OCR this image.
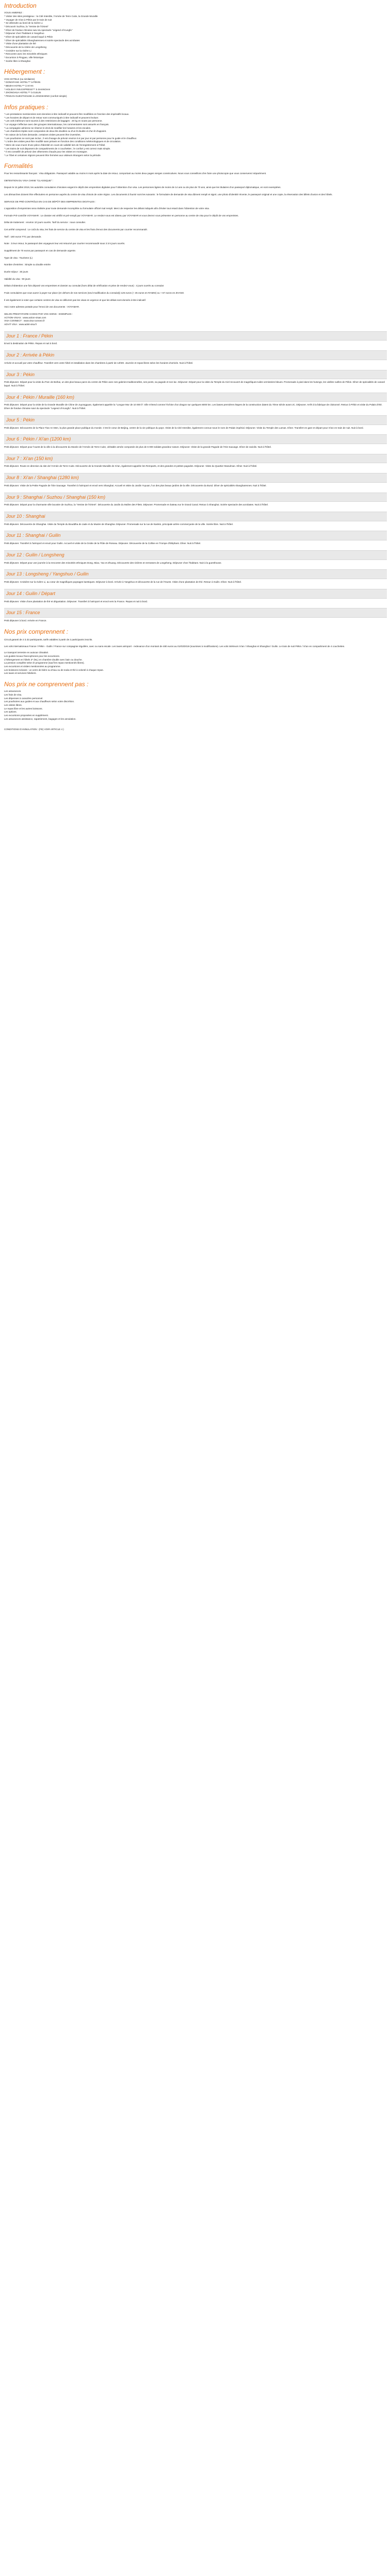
Introduction

VOUS AIMEREZ :

* Visiter des sites prestigieux : la Cité Interdite, l'Armée de Terre Cuite, la Grande Muraille

* Voyager de Xi'an à Pékin par le train de nuit

* Se détendre au bord de la rivière Li

* Découvrir Suzhou, la "Venise de l'Orient"

* Dîner de fondue chinoise suivi du spectacle "Légend of Kungfu"

* Déjeuner chez l'habitant à Yangshuo

* Dîner de spécialités de canard laqué à Pékin

* Dîner de spécialités Shanghaïennes et soirée spectacle des acrobates

* Visite d'une plantation de thé

* Découverte de la rizière de Longsheng

* Croisière sur la rivière Li

* Rencontre avec les minorités ethniques

* Excursion à Pingyao, ville historique

* Soirée libre à Shanghai

Hébergement :

VOS HOTELS (ou similaires)

* DONGFANG HOTEL*** à PÉKIN

* BEIZHI HOTEL*** à XI'AN

* HOLIDAY INN EXPRESS*** à SHANGHAI

* ZHONGHUA HOTEL*** à GUILIN

* PINGAN GUESTHOUSE à LONGSHENG (confort simple)

Infos pratiques :

* Les prestations mentionnées sont données à titre indicatif et peuvent être modifiées en fonction des impératifs locaux.

* Les horaires de départ et de retour sont communiqués à titre indicatif et peuvent évoluer.

* Les vols intérieurs sont soumis à des restrictions de bagages : 20 kg en soute par personne.

* Le voyage s'effectue avec des groupes internationaux, les commentaires sont assurés en français.

* La compagnie aérienne se réserve le droit de modifier les horaires et les escales.

* Les chambres triples sont composées de deux lits doubles ou d'un lit double et d'un lit d'appoint.

* En raison de la forte demande, certaines visites peuvent être inversées.

* Les pourboires ne sont pas inclus ; il est d'usage de prévoir environ 5 € par jour et par personne pour le guide et le chauffeur.

* L'ordre des visites peut être modifié sans préavis en fonction des conditions météorologiques et de circulation.

* Merci de vous munir d'une pièce d'identité en cours de validité lors de l'enregistrement à l'hôtel.

* Les trains de nuit disposent de compartiments de 4 couchettes ; le confort y est correct mais simple.

* Il est conseillé de prévoir des vêtements chauds pour les visites en montagne.

* Le Tibet et certaines régions peuvent être fermées aux visiteurs étrangers selon la période.

Formalités

Pour les ressortissants français : Visa obligatoire. Passeport valable au moins 6 mois après la date de retour, comportant au moins deux pages vierges consécutives. Nous vous conseillons d'en faire une photocopie que vous conserverez séparément.

OBTENTION DU VISA CHINE "CLASSIQUE" :

Depuis le 15 juillet 2019, les autorités consulaires chinoises exigent le dépôt des empreintes digitales pour l'obtention d'un visa. Les personnes âgées de moins de 14 ans ou de plus de 70 ans, ainsi que les titulaires d'un passeport diplomatique, en sont exemptées.

Les démarches doivent être effectuées en personne auprès du centre de visa chinois de votre région. Les documents à fournir sont les suivants : le formulaire de demande de visa dûment rempli et signé, une photo d'identité récente, le passeport original et une copie, la réservation des billets d'avion et des hôtels.

SERVICE DE PRÉ-CONTRÔLE EN CAS DE DÉPÔT DES EMPREINTES DIGITALES :

L'apposition d'empreintes sera réalisée pour toute demande incomplète ou formulaire officiel mal rempli. Merci de respecter les délais indiqués afin d'éviter tout retard dans l'obtention de votre visa.

Formule Pré-contrôle VOYAMAR : Le dossier est vérifié et pré-rempli par VOYAMAR. Le rendez-vous est obtenu par VOYAMAR et vous devrez vous présenter en personne au centre de visa pour le dépôt de vos empreintes.

Délai de traitement : environ 10 jours ouvrés. Tarif du service : nous consulter.

Cet arrêté comprend : Le coût du visa, les frais de service du centre de visa et les frais d'envoi des documents par courrier recommandé.

Tarif : 180 euros TTC par demande.

Note : à leur retour, le passeport des voyageurs leur est retourné par courrier recommandé sous 3 à 5 jours ouvrés.

Supplément de 70 euros par passeport en cas de demande urgente.

Type de visa : Tourisme (L)

Nombre d'entrées : Simple ou double entrée

Durée séjour : 30 jours

Validité du visa : 90 jours

Délais d'obtention une fois déposé vos empreintes et dossier au consulat (hors délai de vérification et prise de rendez-vous) : 4 jours ouvrés au consulat

Frais consulaires que vous aurez à payer sur place (en dehors de nos services (seul modification du consulat)) 126 euros (+ 45 euros en RAMSI) ou + 67 euros en ZHANG

Il est également à noter que certains centres de visa ne délivrent pas les visas en urgence et que les délais sont donnés à titre indicatif.

Voici notre adresse postale pour l'envoi de vos documents : VOYAMAR.

SELON PRESTATAIRE CHOISI PAR VOS SOINS - EXEMPLES :

ACTION-VISAS : www.action-visas.com

VISA CONNECT : www.visa-connect.fr

ADVIT VISA : www.advit-visa.fr

Jour 1 : France / Pékin

Envol à destination de Pékin. Repas et nuit à bord.

Jour 2 : Arrivée à Pékin

Arrivée et accueil par votre chauffeur. Transfert vers votre hôtel et installation dans les chambres à partir de 14h00. Journée et repas libres selon les horaires d'arrivée. Nuit à l'hôtel.

Jour 3 : Pékin

Petit déjeuner. Départ pour la visite du Parc de Beihai, un des plus beaux parcs du centre de Pékin avec ses galeries traditionnelles, ses ponts, sa pagode et son lac. Déjeuner. Départ pour la visite du Temple du Ciel recouvert de magnifiques tuiles vernissées bleues. Promenade à pied dans les hutongs, les vieilles ruelles de Pékin. Dîner de spécialités de canard laqué. Nuit à l'hôtel.

Jour 4 : Pékin / Muraille (160 km)

Petit déjeuner. Départ pour la visite de la Grande Muraille de Chine de Juyongguan, également appelée la "Longue Mur de 10 000 li". Elle s'étend comme l'échine d'un dragon sur quelques 6000 km. Les bases premières étapes de la construction datent du 7ème siècle avant JC. Déjeuner. Arrêt à la fabrique de cloisonné. Retour à Pékin et visite du Palais d'été. Dîner de fondue chinoise suivi du spectacle "Legend of Kungfu". Nuit à l'hôtel.

Jour 5 : Pékin

Petit déjeuner. Découverte de la Place Tian An Men, la plus grande place publique du monde. C'est le cœur de Beijing, centre de la vie politique du pays. Visite de la Cité Interdite, également connue sous le nom de Palais impérial. Déjeuner. Visite du Temple des Lamas. Dîner. Transfert en gare et départ pour Xi'an en train de nuit. Nuit à bord.

Jour 6 : Pékin / Xi'an (1200 km)

Petit déjeuner. Départ pour l'ouest de la ville à la découverte du Musée de l'Armée de Terre Cuite, véritable armée composée de plus de 6 000 soldats grandeur nature. Déjeuner. Visite de la grande Pagode de l'Oie Sauvage. Dîner de raviolis. Nuit à l'hôtel.

Jour 7 : Xi'an (150 km)

Petit déjeuner. Route en direction du site de l'Armée de Terre Cuite. Découverte de la Grande Muraille de Xi'an, également appelée les Remparts, et des grandes et petites pagodes. Déjeuner. Visite du Quartier Musulman. Dîner. Nuit à l'hôtel.

Jour 8 : Xi'an / Shanghai (1280 km)

Petit déjeuner. Visite de la Petite Pagode de l'Oie Sauvage. Transfert à l'aéroport et envol vers Shanghai. Accueil et visite du Jardin Yuyuan, l'un des plus beaux jardins de la ville. Découverte du Bund. Dîner de spécialités shanghaïennes. Nuit à l'hôtel.

Jour 9 : Shanghai / Suzhou / Shanghai (150 km)

Petit déjeuner. Départ pour la charmante ville lacustre de Suzhou, la "Venise de l'Orient". Découverte du Jardin du Maître des Filets. Déjeuner. Promenade en bateau sur le Grand Canal. Retour à Shanghai. Soirée spectacle des acrobates. Nuit à l'hôtel.

Jour 10 : Shanghai

Petit déjeuner. Découverte de Shanghai. Visite du Temple du Bouddha de Jade et du Musée de Shanghai. Déjeuner. Promenade sur la rue de Nankin, principale artère commerçante de la ville. Soirée libre. Nuit à l'hôtel.

Jour 11 : Shanghai / Guilin

Petit déjeuner. Transfert à l'aéroport et envol pour Guilin. Accueil et visite de la Grotte de la Flûte de Roseau. Déjeuner. Découverte de la Colline en Trompe d'Eléphant. Dîner. Nuit à l'hôtel.

Jour 12 : Guilin / Longsheng

Petit déjeuner. Départ pour une journée à la rencontre des minorités ethniques Dong, Miao, Yao et Zhuang. Découverte des rizières en terrasses de Longsheng. Déjeuner chez l'habitant. Nuit à la guesthouse.

Jour 13 : Longsheng / Yangshuo / Guilin

Petit déjeuner. Croisière sur la rivière Li, au cœur de magnifiques paysages karstiques. Déjeuner à bord. Arrivée à Yangshuo et découverte de la rue de l'Ouest. Visite d'une plantation de thé. Retour à Guilin. Dîner. Nuit à l'hôtel.

Jour 14 : Guilin / Départ

Petit déjeuner. Visite d'une plantation de thé et dégustation. Déjeuner. Transfert à l'aéroport et envol vers la France. Repas et nuit à bord.

Jour 15 : France

Petit déjeuner à bord. Arrivée en France.

Nos prix comprennent :

Circuit garanti de 2 à 32 participants, tarifs valables à partir de 2 participants inscrits.

Les vols internationaux France / Pékin - Guilin / France sur compagnie régulière, avec ou sans escale. Les taxes aéroport - redevance d'un montant de 480 euros au 01/03/2019 (soumises à modifications). Les vols intérieurs Xi'an / Shanghai et Shanghai / Guilin. Le train de nuit Pékin / Xi'an en compartiment de 4 couchettes.

Le transport terrestre en autocar climatisé.

Les guides locaux francophones pour les excursions.

L'hébergement en hôtels 3* (NL) en chambre double avec bain ou douche.

La pension complète selon le programme (sauf les repas mentionnés libres).

Les excursions et visites mentionnées au programme.

Les boissons incluses : un verre de bière ou d'eau ou de soda et thé à volonté à chaque repas.

Les taxes et services hôteliers.

Nos prix ne comprennent pas :

Les assurances.

Les frais de visa.

Les dépenses à caractère personnel.

Les pourboires aux guides et aux chauffeurs selon votre discrétion.

Les visites libres.

Le repas libre et les autres boissons.

Les options.

Les excursions proposées en supplément.

Les assurances assistance, rapatriement, bagages et les annulation.

CONDITIONS D'ANNULATION : (FE) VOIR ARTICLE 4 )
